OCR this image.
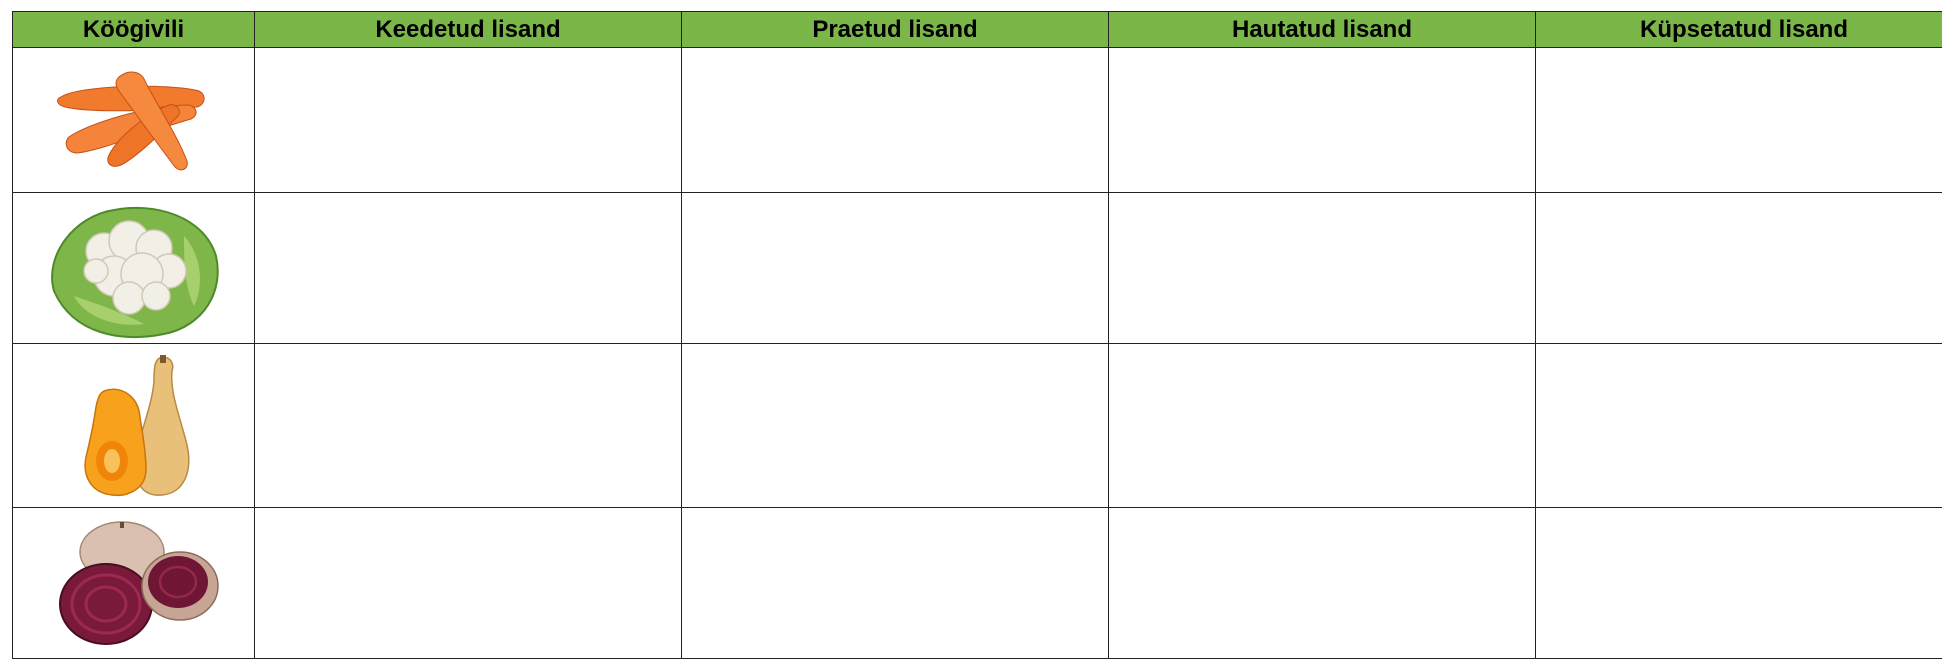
Köögivili	Keedetud lisand	Praetud lisand	Hautatud lisand	Küpsetatud lisand
